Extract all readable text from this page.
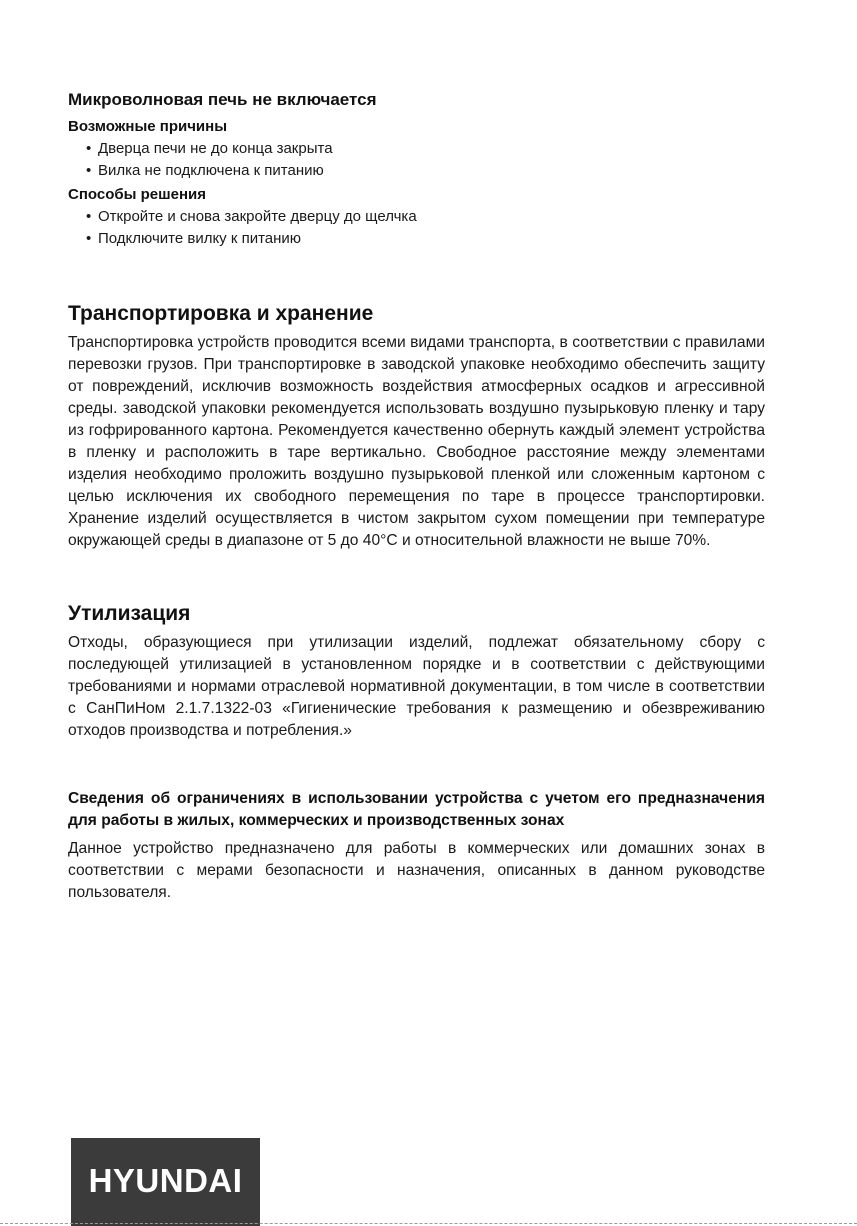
Микроволновая печь не включается

Возможные причины

• Дверца печи не до конца закрыта
• Вилка не подключена к питанию

Способы решения

• Откройте и снова закройте дверцу до щелчка
• Подключите вилку к питанию
Транспортировка и хранение

Транспортировка устройств проводится всеми видами транспорта, в соответствии с правилами перевозки грузов. При транспортировке в заводской упаковке необходимо обеспечить защиту от повреждений, исключив возможность воздействия атмосферных осадков и агрессивной среды. заводской упаковки рекомендуется использовать воздушно пузырьковую пленку и тару из гофрированного картона. Рекомендуется качественно обернуть каждый элемент устройства в пленку и расположить в таре вертикально. Свободное расстояние между элементами изделия необходимо проложить воздушно пузырьковой пленкой или сложенным картоном с целью исключения их свободного перемещения по таре в процессе транспортировки. Хранение изделий осуществляется в чистом закрытом сухом помещении при температуре окружающей среды в диапазоне от 5 до 40°С и относительной влажности не выше 70%.

Утилизация

Отходы, образующиеся при утилизации изделий, подлежат обязательному сбору с последующей утилизацией в установленном порядке и в соответствии с действующими требованиями и нормами отраслевой нормативной документации, в том числе в соответствии с СанПиНом 2.1.7.1322-03 «Гигиенические требования к размещению и обезвреживанию отходов производства и потребления.»

Сведения об ограничениях в использовании устройства с учетом его предназначения для работы в жилых, коммерческих и производственных зонах

Данное устройство предназначено для работы в коммерческих или домашних зонах в соответствии с мерами безопасности и назначения, описанных в данном руководстве пользователя.

HYUNDAI
